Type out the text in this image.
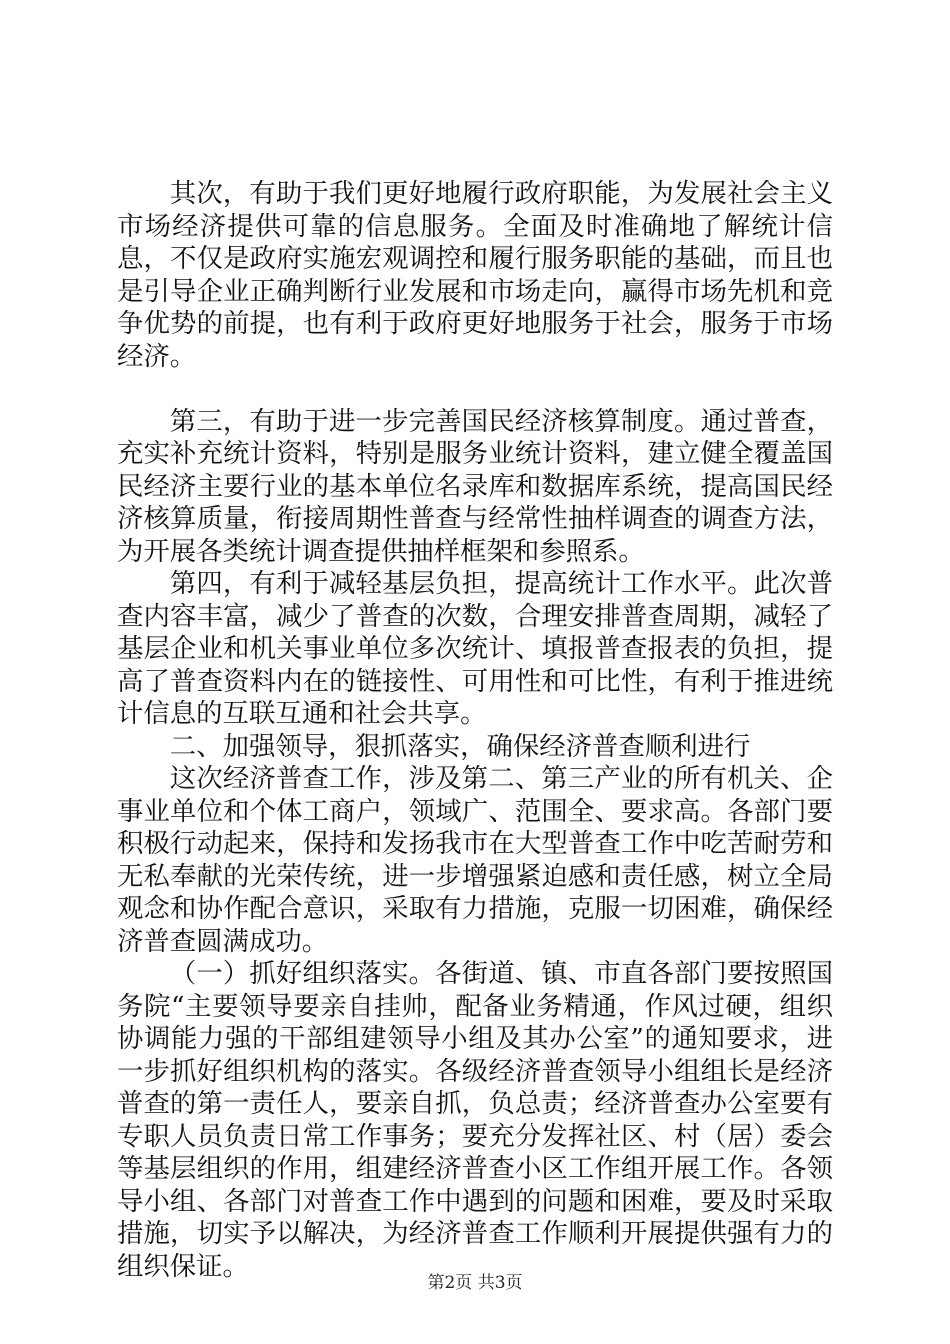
其次，有助于我们更好地履行政府职能，为发展社会主义市场经济提供可靠的信息服务。全面及时准确地了解统计信息，不仅是政府实施宏观调控和履行服务职能的基础，而且也是引导企业正确判断行业发展和市场走向，赢得市场先机和竞争优势的前提，也有利于政府更好地服务于社会，服务于市场经济。

第三，有助于进一步完善国民经济核算制度。通过普查，充实补充统计资料，特别是服务业统计资料，建立健全覆盖国民经济主要行业的基本单位名录库和数据库系统，提高国民经济核算质量，衔接周期性普查与经常性抽样调查的调查方法，为开展各类统计调查提供抽样框架和参照系。

第四，有利于减轻基层负担，提高统计工作水平。此次普查内容丰富，减少了普查的次数，合理安排普查周期，减轻了基层企业和机关事业单位多次统计、填报普查报表的负担，提高了普查资料内在的链接性、可用性和可比性，有利于推进统计信息的互联互通和社会共享。

二、加强领导，狠抓落实，确保经济普查顺利进行

这次经济普查工作，涉及第二、第三产业的所有机关、企事业单位和个体工商户，领域广、范围全、要求高。各部门要积极行动起来，保持和发扬我市在大型普查工作中吃苦耐劳和无私奉献的光荣传统，进一步增强紧迫感和责任感，树立全局观念和协作配合意识，采取有力措施，克服一切困难，确保经济普查圆满成功。

（一）抓好组织落实。各街道、镇、市直各部门要按照国务院“主要领导要亲自挂帅，配备业务精通，作风过硬，组织协调能力强的干部组建领导小组及其办公室”的通知要求，进一步抓好组织机构的落实。各级经济普查领导小组组长是经济普查的第一责任人，要亲自抓，负总责；经济普查办公室要有专职人员负责日常工作事务；要充分发挥社区、村（居）委会等基层组织的作用，组建经济普查小区工作组开展工作。各领导小组、各部门对普查工作中遇到的问题和困难，要及时采取措施，切实予以解决，为经济普查工作顺利开展提供强有力的组织保证。

第2页 共3页
